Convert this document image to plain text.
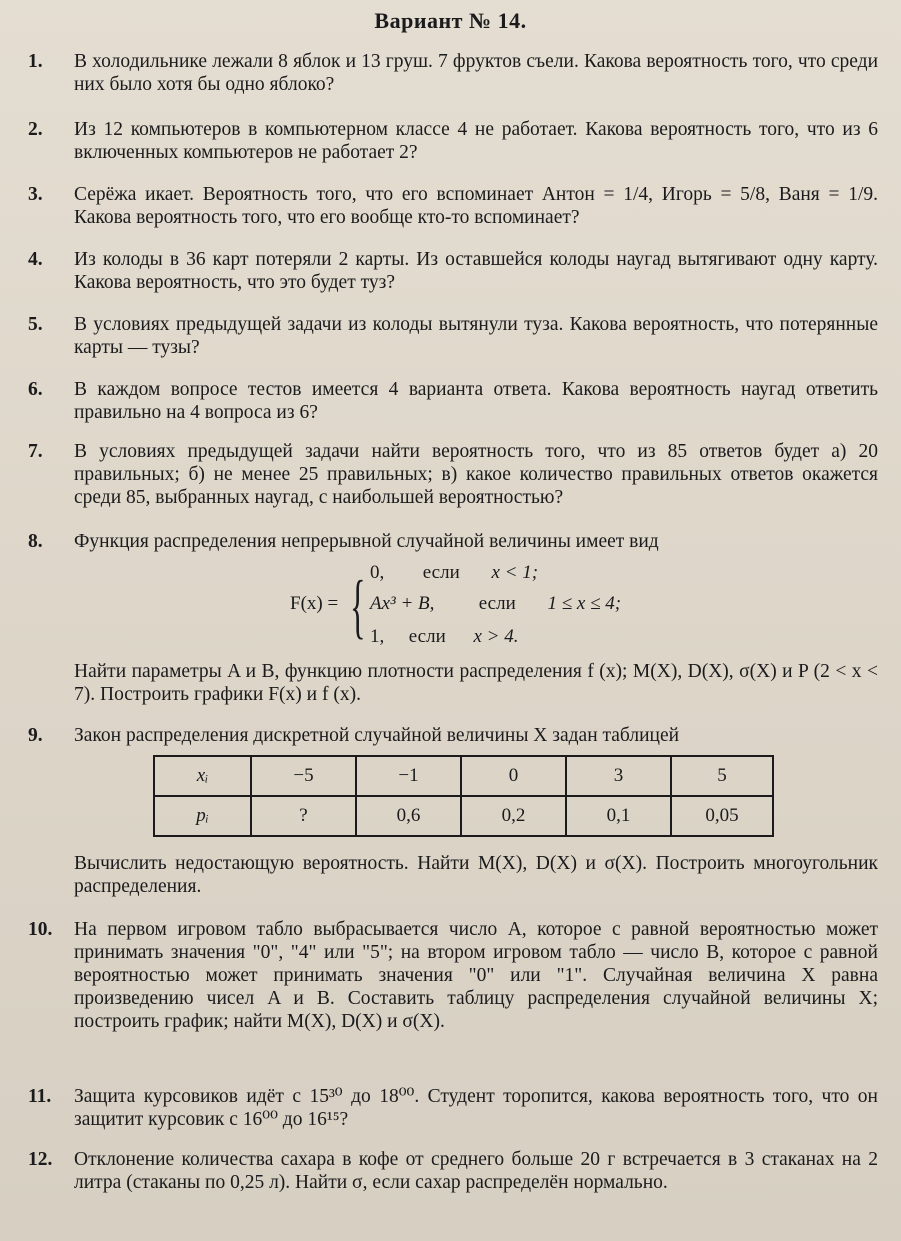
Вариант № 14.
1. В холодильнике лежали 8 яблок и 13 груш. 7 фруктов съели. Какова вероятность того, что среди них было хотя бы одно яблоко?

2. Из 12 компьютеров в компьютерном классе 4 не работает. Какова вероятность того, что из 6 включенных компьютеров не работает 2?

3. Серёжа икает. Вероятность того, что его вспоминает Антон = 1/4, Игорь = 5/8, Ваня = 1/9. Какова вероятность того, что его вообще кто-то вспоминает?

4. Из колоды в 36 карт потеряли 2 карты. Из оставшейся колоды наугад вытягивают одну карту. Какова вероятность, что это будет туз?

5. В условиях предыдущей задачи из колоды вытянули туза. Какова вероятность, что потерянные карты — тузы?

6. В каждом вопросе тестов имеется 4 варианта ответа. Какова вероятность наугад ответить правильно на 4 вопроса из 6?

7. В условиях предыдущей задачи найти вероятность того, что из 85 ответов будет а) 20 правильных; б) не менее 25 правильных; в) какое количество правильных ответов окажется среди 85, выбранных наугад, с наибольшей вероятностью?

8. Функция распределения непрерывной случайной величины имеет вид

F(x) = { 0, если x < 1;
Ax³ + B, если 1 ≤ x ≤ 4;
1, если x > 4.

Найти параметры A и B, функцию плотности распределения f (x); M(X), D(X), σ(X) и P (2 < x < 7). Построить графики F(x) и f (x).

9. Закон распределения дискретной случайной величины X задан таблицей

xᵢ	−5	−1	0	3	5
pᵢ	?	0,6	0,2	0,1	0,05

Вычислить недостающую вероятность. Найти M(X), D(X) и σ(X). Построить многоугольник распределения.

10. На первом игровом табло выбрасывается число A, которое с равной вероятностью может принимать значения "0", "4" или "5"; на втором игровом табло — число B, которое с равной вероятностью может принимать значения "0" или "1". Случайная величина X равна произведению чисел A и B. Составить таблицу распределения случайной величины X; построить график; найти M(X), D(X) и σ(X).

11. Защита курсовиков идёт с 15³⁰ до 18⁰⁰. Студент торопится, какова вероятность того, что он защитит курсовик с 16⁰⁰ до 16¹⁵?

12. Отклонение количества сахара в кофе от среднего больше 20 г встречается в 3 стаканах на 2 литра (стаканы по 0,25 л). Найти σ, если сахар распределён нормально.
